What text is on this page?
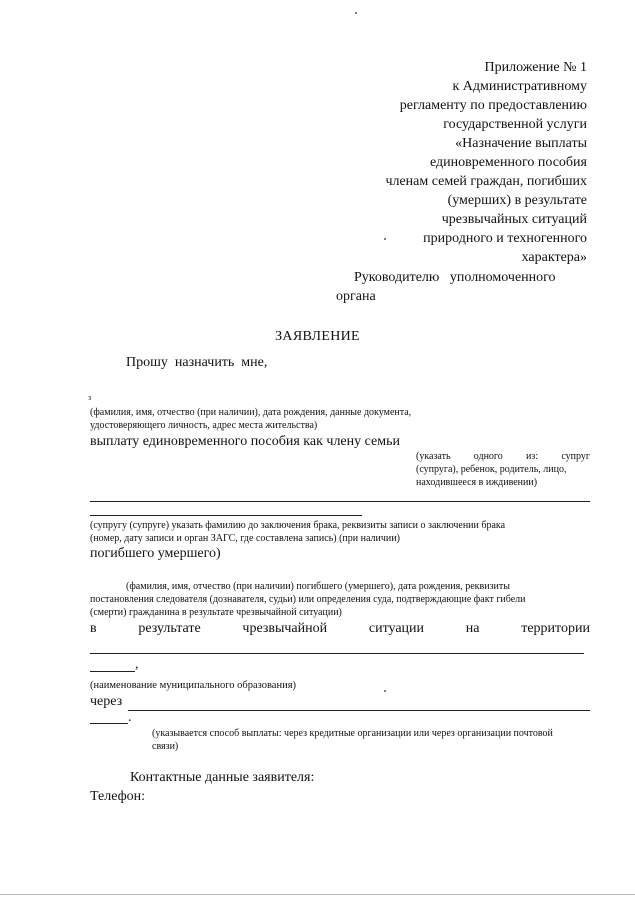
Приложение № 1
к Административному
регламенту по предоставлению
государственной услуги
«Назначение выплаты
единовременного пособия
членам семей граждан, погибших
(умерших) в результате
чрезвычайных ситуаций
природного и техногенного
характера»
Руководителю   уполномоченного
органа
ЗАЯВЛЕНИЕ
Прошу  назначить  мне,
з
(фамилия, имя, отчество (при наличии), дата рождения, данные документа,
удостоверяющего личность, адрес места жительства)
выплату единовременного пособия как члену семьи
(указать одного из: супруг
(супруга), ребенок, родитель, лицо,
находившееся в иждивении)
(супругу (супруге) указать фамилию до заключения брака, реквизиты записи о заключении брака
(номер, дату записи и орган ЗАГС, где составлена запись) (при наличии)
погибшего умершего)
(фамилия, имя, отчество (при наличии) погибшего (умершего), дата рождения, реквизиты
постановления следователя (дознавателя, судьи) или определения суда, подтверждающие факт гибели
(смерти) гражданина в результате чрезвычайной ситуации)
в	результате	чрезвычайной	ситуации	на	территории
,
(наименование муниципального образования)
через
.
(указывается способ выплаты: через кредитные организации или через организации почтовой
связи)
Контактные данные заявителя:
Телефон:
